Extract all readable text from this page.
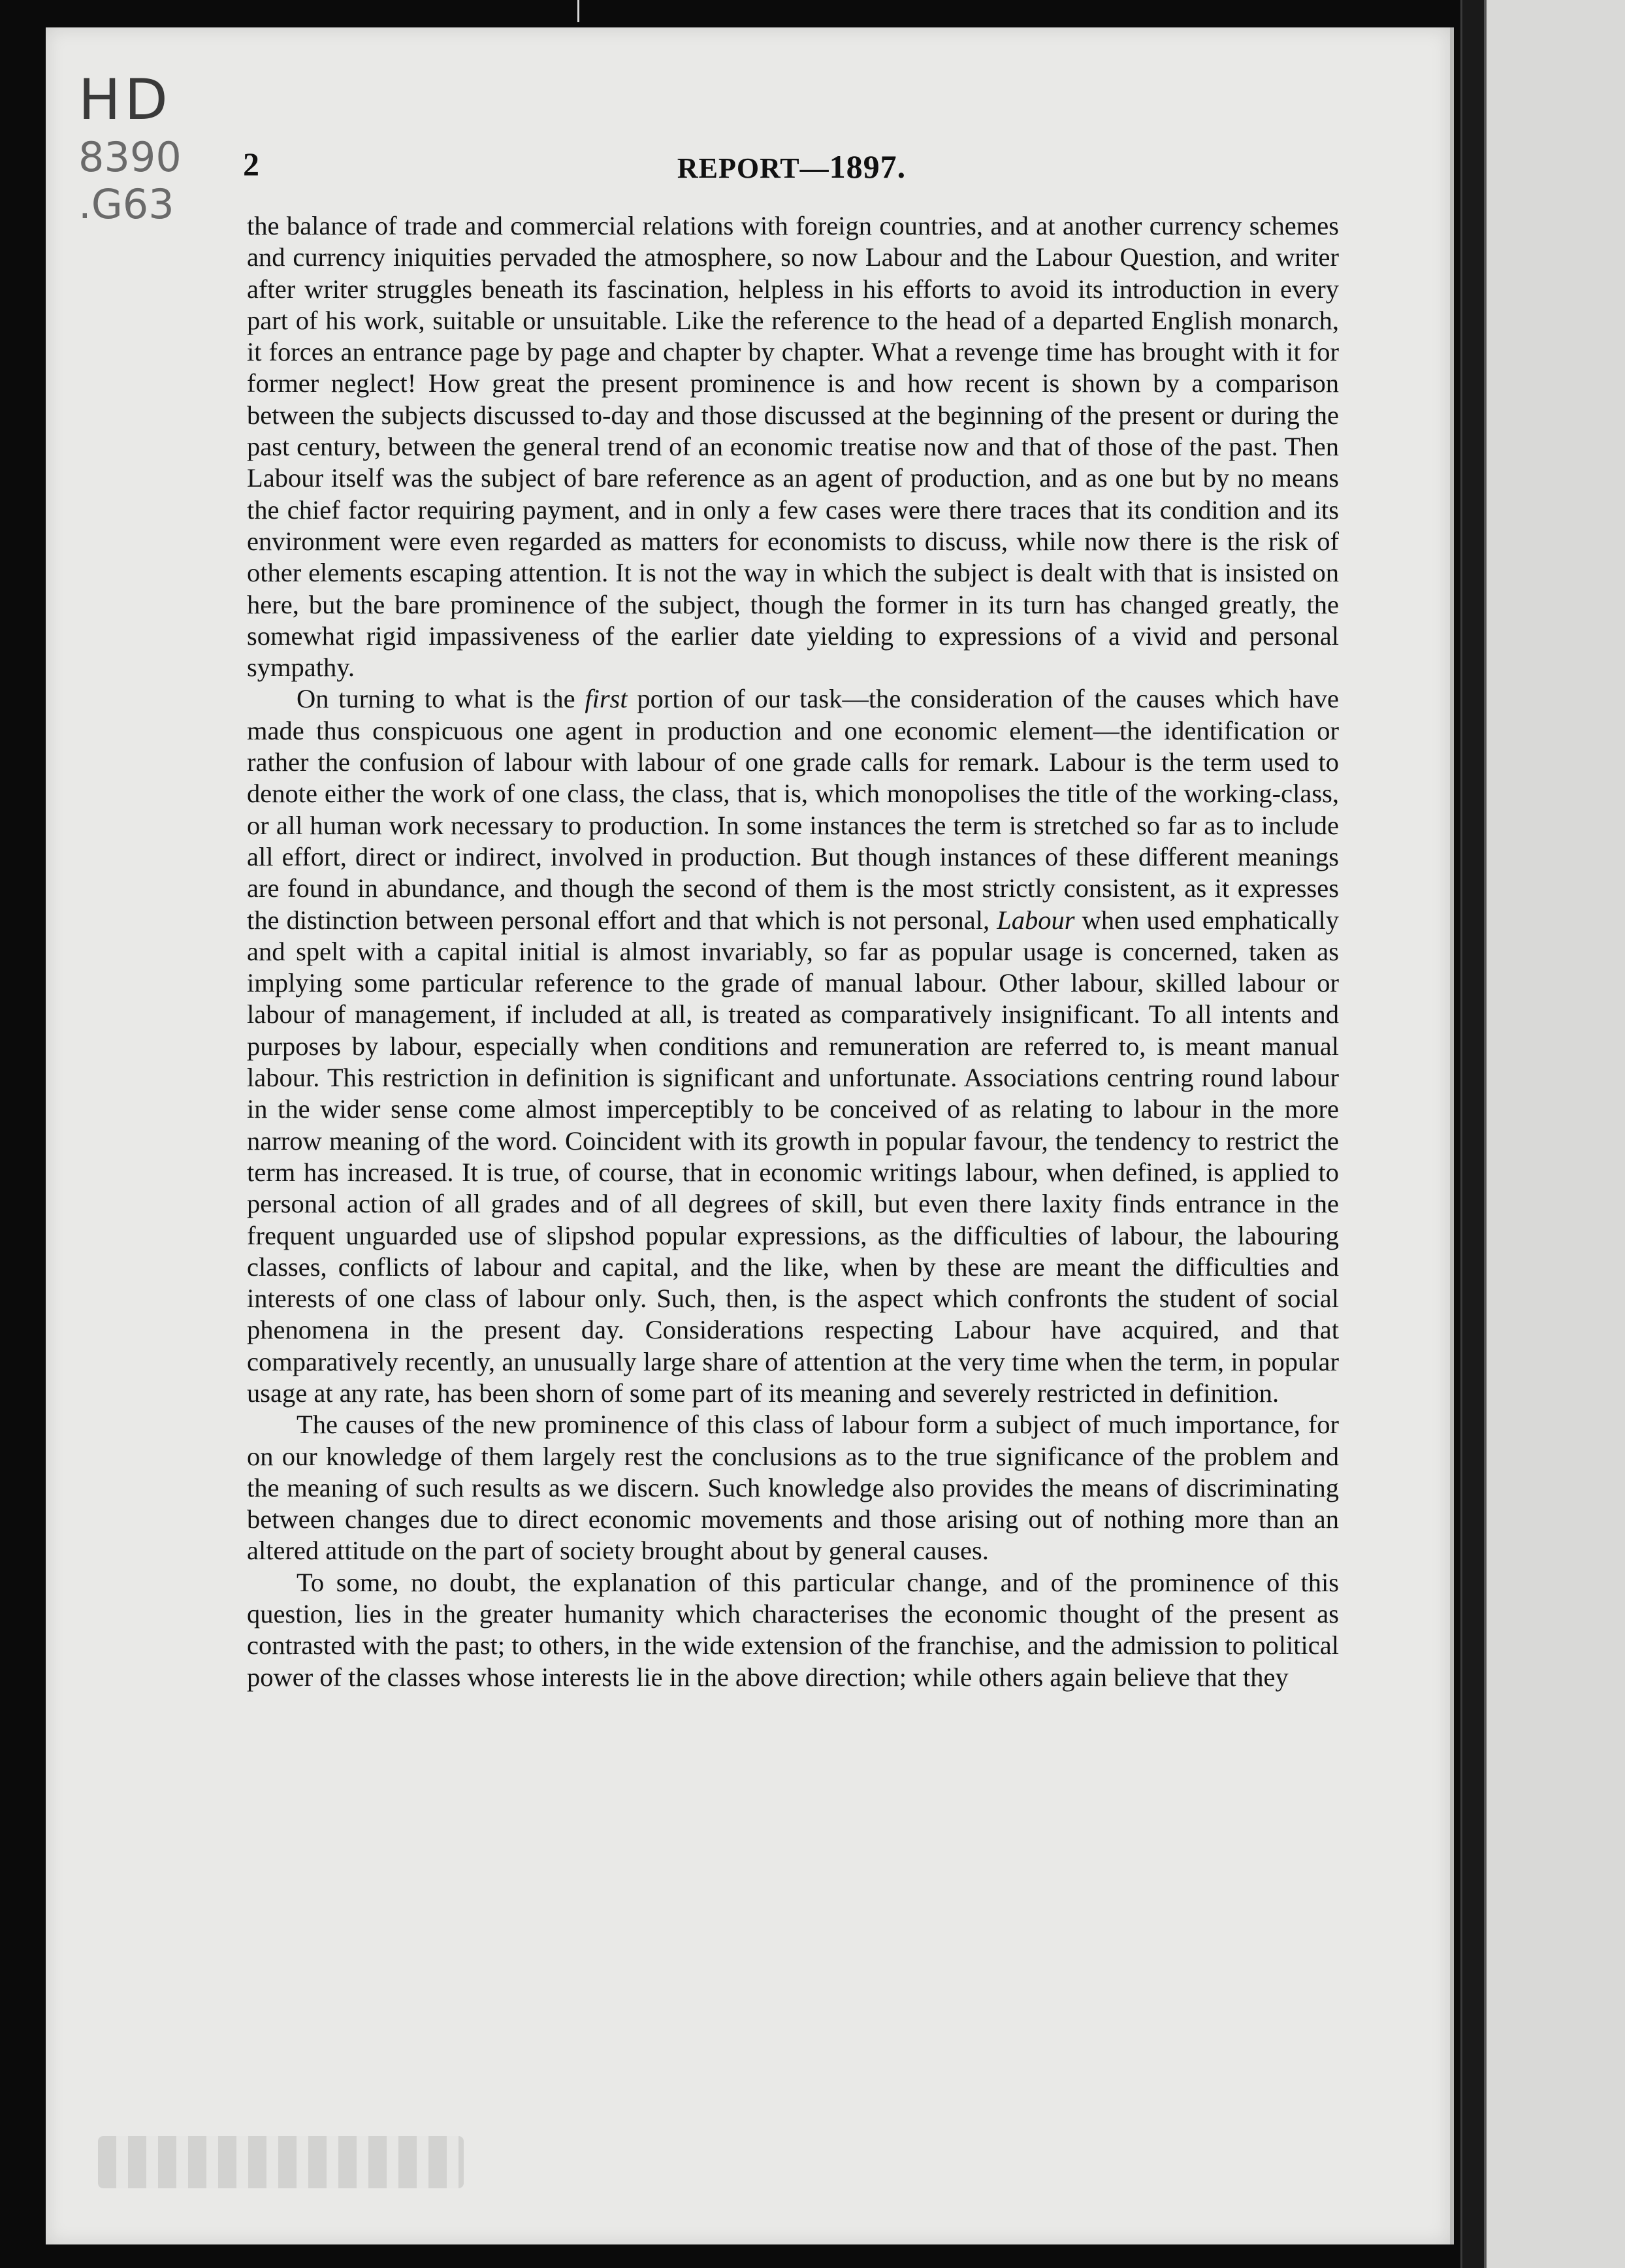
HD
8390
.G63
2	REPORT—1897.

the balance of trade and commercial relations with foreign countries, and at another currency schemes and currency iniquities pervaded the atmosphere, so now Labour and the Labour Question, and writer after writer struggles beneath its fascination, helpless in his efforts to avoid its introduction in every part of his work, suitable or unsuitable. Like the reference to the head of a departed English monarch, it forces an entrance page by page and chapter by chapter. What a revenge time has brought with it for former neglect! How great the present prominence is and how recent is shown by a comparison between the subjects discussed to-day and those discussed at the beginning of the present or during the past century, between the general trend of an economic treatise now and that of those of the past. Then Labour itself was the subject of bare reference as an agent of production, and as one but by no means the chief factor requiring payment, and in only a few cases were there traces that its condition and its environment were even regarded as matters for economists to discuss, while now there is the risk of other elements escaping attention. It is not the way in which the subject is dealt with that is insisted on here, but the bare prominence of the subject, though the former in its turn has changed greatly, the somewhat rigid impassiveness of the earlier date yielding to expressions of a vivid and personal sympathy.

On turning to what is the first portion of our task—the consideration of the causes which have made thus conspicuous one agent in production and one economic element—the identification or rather the confusion of labour with labour of one grade calls for remark. Labour is the term used to denote either the work of one class, the class, that is, which monopolises the title of the working-class, or all human work necessary to production. In some instances the term is stretched so far as to include all effort, direct or indirect, involved in production. But though instances of these different meanings are found in abundance, and though the second of them is the most strictly consistent, as it expresses the distinction between personal effort and that which is not personal, Labour when used emphatically and spelt with a capital initial is almost invariably, so far as popular usage is concerned, taken as implying some particular reference to the grade of manual labour. Other labour, skilled labour or labour of management, if included at all, is treated as comparatively insignificant. To all intents and purposes by labour, especially when conditions and remuneration are referred to, is meant manual labour. This restriction in definition is significant and unfortunate. Associations centring round labour in the wider sense come almost imperceptibly to be conceived of as relating to labour in the more narrow meaning of the word. Coincident with its growth in popular favour, the tendency to restrict the term has increased. It is true, of course, that in economic writings labour, when defined, is applied to personal action of all grades and of all degrees of skill, but even there laxity finds entrance in the frequent unguarded use of slipshod popular expressions, as the difficulties of labour, the labouring classes, conflicts of labour and capital, and the like, when by these are meant the difficulties and interests of one class of labour only. Such, then, is the aspect which confronts the student of social phenomena in the present day. Considerations respecting Labour have acquired, and that comparatively recently, an unusually large share of attention at the very time when the term, in popular usage at any rate, has been shorn of some part of its meaning and severely restricted in definition.

The causes of the new prominence of this class of labour form a subject of much importance, for on our knowledge of them largely rest the conclusions as to the true significance of the problem and the meaning of such results as we discern. Such knowledge also provides the means of discriminating between changes due to direct economic movements and those arising out of nothing more than an altered attitude on the part of society brought about by general causes.

To some, no doubt, the explanation of this particular change, and of the prominence of this question, lies in the greater humanity which characterises the economic thought of the present as contrasted with the past; to others, in the wide extension of the franchise, and the admission to political power of the classes whose interests lie in the above direction; while others again believe that they
